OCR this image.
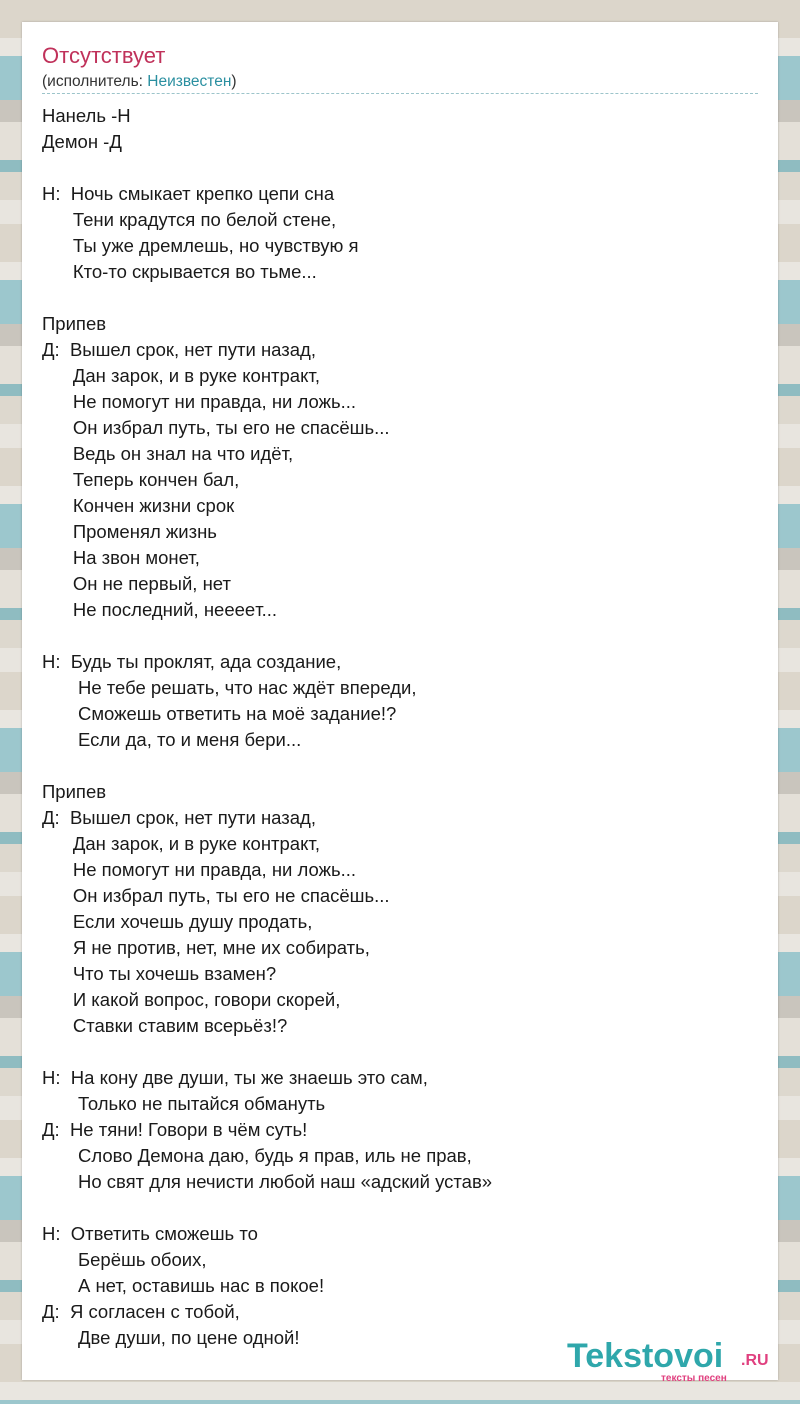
Отсутствует
(исполнитель: Неизвестен)
Нанель -Н
Демон -Д
Н:  Ночь смыкает крепко цепи сна
Тени крадутся по белой стене,
Ты уже дремлешь, но чувствую я
Кто-то скрывается во тьме...
Припев
Д:  Вышел срок, нет пути назад,
Дан зарок, и в руке контракт,
Не помогут ни правда, ни ложь...
Он избрал путь, ты его не спасёшь...
Ведь он знал на что идёт,
Теперь кончен бал,
Кончен жизни срок
Променял жизнь
На звон монет,
Он не первый, нет
Не последний, нееeeт...
Н:  Будь ты проклят, ада создание,
Не тебе решать, что нас ждёт впереди,
Сможешь ответить на моё задание!?
Если да, то и меня бери...
Припев
Д:  Вышел срок, нет пути назад,
Дан зарок, и в руке контракт,
Не помогут ни правда, ни ложь...
Он избрал путь, ты его не спасёшь...
Если хочешь душу продать,
Я не против, нет, мне их собирать,
Что ты хочешь взамен?
И какой вопрос, говори скорей,
Ставки ставим всерьёз!?
Н:  На кону две души, ты же знаешь это сам,
Только не пытайся обмануть
Д:  Не тяни! Говори в чём суть!
Слово Демона даю, будь я прав, иль не прав,
Но свят для нечисти любой наш «адский устав»
Н:  Ответить сможешь то
Берёшь обоих,
А нет, оставишь нас в покое!
Д:  Я согласен с тобой,
Две души, по цене одной!	Tekstovoi .RU
тексты песен
